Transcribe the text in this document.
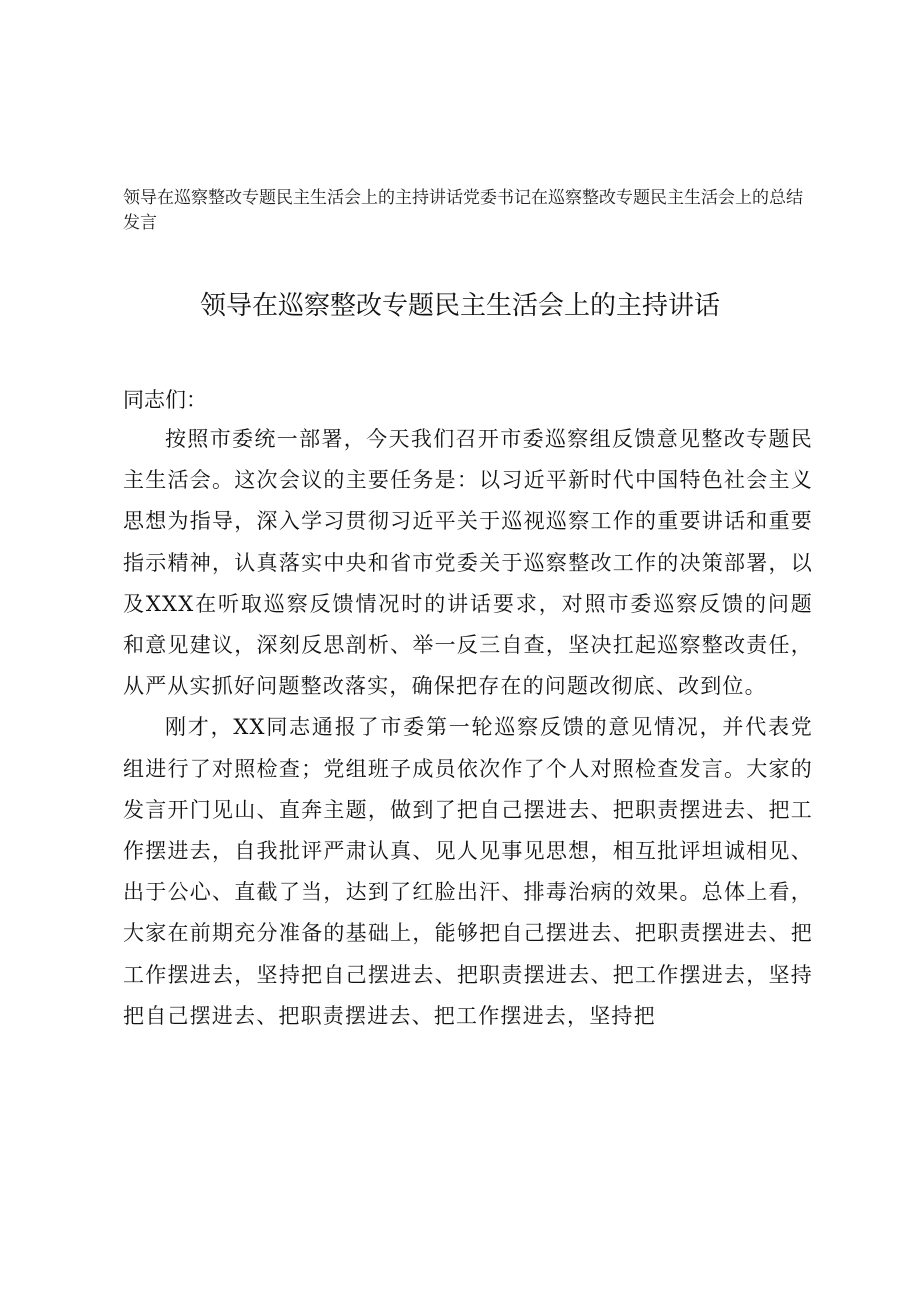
领导在巡察整改专题民主生活会上的主持讲话党委书记在巡察整改专题民主生活会上的总结发言
领导在巡察整改专题民主生活会上的主持讲话

同志们：

按照市委统一部署，今天我们召开市委巡察组反馈意见整改专题民主生活会。这次会议的主要任务是：以习近平新时代中国特色社会主义思想为指导，深入学习贯彻习近平关于巡视巡察工作的重要讲话和重要指示精神，认真落实中央和省市党委关于巡察整改工作的决策部署，以及XXX在听取巡察反馈情况时的讲话要求，对照市委巡察反馈的问题和意见建议，深刻反思剖析、举一反三自查，坚决扛起巡察整改责任，从严从实抓好问题整改落实，确保把存在的问题改彻底、改到位。

刚才，XX同志通报了市委第一轮巡察反馈的意见情况，并代表党组进行了对照检查；党组班子成员依次作了个人对照检查发言。大家的发言开门见山、直奔主题，做到了把自己摆进去、把职责摆进去、把工作摆进去，自我批评严肃认真、见人见事见思想，相互批评坦诚相见、出于公心、直截了当，达到了红脸出汗、排毒治病的效果。总体上看，大家在前期充分准备的基础上，能够把自己摆进去、把职责摆进去、把工作摆进去，坚持把自己摆进去、把职责摆进去、把工作摆进去，坚持把自己摆进去、把职责摆进去、把工作摆进去，坚持把
